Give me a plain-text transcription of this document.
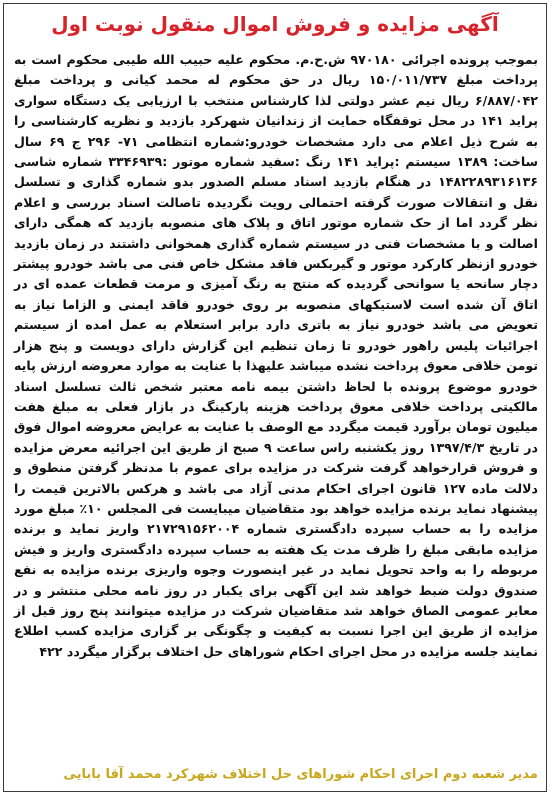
آگهی مزایده و فروش اموال منقول نوبت اول
بموجب پرونده اجرائی ۹۷۰۱۸۰ ش.ح.م. محکوم علیه حبیب الله طیبی محکوم است به پرداخت مبلغ ۱۵۰/۰۱۱/۷۳۷ ریال در حق محکوم له محمد کیانی و پرداخت مبلغ ۶/۸۸۷/۰۴۲ ریال نیم عشر دولتی لذا کارشناس منتخب با ارزیابی یک دستگاه سواری پراید ۱۴۱ در محل توقفگاه حمایت از زندانیان شهرکرد بازدید و نظریه کارشناسی را به شرح ذیل اعلام می دارد مشخصات خودرو:شماره انتظامی ۷۱- ۲۹۶ ج ۶۹ سال ساخت: ۱۳۸۹ سیستم :پراید ۱۴۱ رنگ :سفید شماره موتور :۳۳۴۶۹۳۹ شماره شاسی ۱۴۸۲۲۸۹۳۱۶۱۳۶ در هنگام بازدید اسناد مسلم الصدور بدو شماره گذاری و تسلسل نقل و انتقالات صورت گرفته احتمالی رویت نگردیده تاصالت اسناد بررسی و اعلام نظر گردد اما از حک شماره موتور اتاق و پلاک های منصوبه بازدید که همگی دارای اصالت و با مشخصات فنی در سیستم شماره گذاری همخوانی داشتند در زمان بازدید خودرو ازنظر کارکرد موتور و گیربکس فاقد مشکل خاص فنی می باشد خودرو پیشتر دچار سانحه یا سوانحی گردیده که منتج به رنگ آمیزی و مرمت قطعات عمده ای در اتاق آن شده است لاستیکهای منصوبه بر روی خودرو فاقد ایمنی و الزاما نیاز به تعویض می باشد خودرو نیاز به باتری دارد برابر استعلام به عمل امده از سیستم اجرائیات پلیس راهور خودرو تا زمان تنظیم این گزارش دارای دویست و پنج هزار تومن خلافی معوق پرداخت نشده میباشد علیهذا با عنایت به موارد معروضه ارزش پایه خودرو موضوع پرونده با لحاظ داشتن بیمه نامه معتبر شخص ثالث تسلسل اسناد مالکیتی پرداخت خلافی معوق پرداخت هزینه پارکینگ در بازار فعلی به مبلغ هفت میلیون تومان برآورد قیمت میگردد مع الوصف با عنایت به عرایض معروضه اموال فوق در تاریخ ۱۳۹۷/۴/۳ روز یکشنبه راس ساعت ۹ صبح از طریق این اجرائیه معرض مزایده و فروش قرارخواهد گرفت شرکت در مزایده برای عموم با مدنظر گرفتن منطوق و دلالت ماده ۱۲۷ قانون اجرای احکام مدنی آزاد می باشد و هرکس بالاترین قیمت را پیشنهاد نماید برنده مزایده خواهد بود متقاضیان میبایست فی المجلس ۱۰٪ مبلغ مورد مزایده را به حساب سپرده دادگستری شماره ۲۱۷۲۹۱۵۶۲۰۰۴ واریز نماید و برنده مزایده مابقی مبلغ را ظرف مدت یک هفته به حساب سپرده دادگستری واریز و فیش مربوطه را به واحد تحویل نماید در غیر اینصورت وجوه واریزی برنده مزایده به نفع صندوق دولت ضبط خواهد شد این آگهی برای یکبار در روز نامه محلی منتشر و در معابر عمومی الصاق خواهد شد متقاضیان شرکت در مزایده میتوانند پنج روز قبل از مزایده از طریق این اجرا نسبت به کیفیت و چگونگی بر گزاری مزایده کسب اطلاع نمایند جلسه مزایده در محل اجرای احکام شوراهای حل اختلاف برگزار میگردد ۴۲۲
مدیر شعبه دوم اجرای احکام شوراهای حل اختلاف شهرکرد محمد آقا بابایی
